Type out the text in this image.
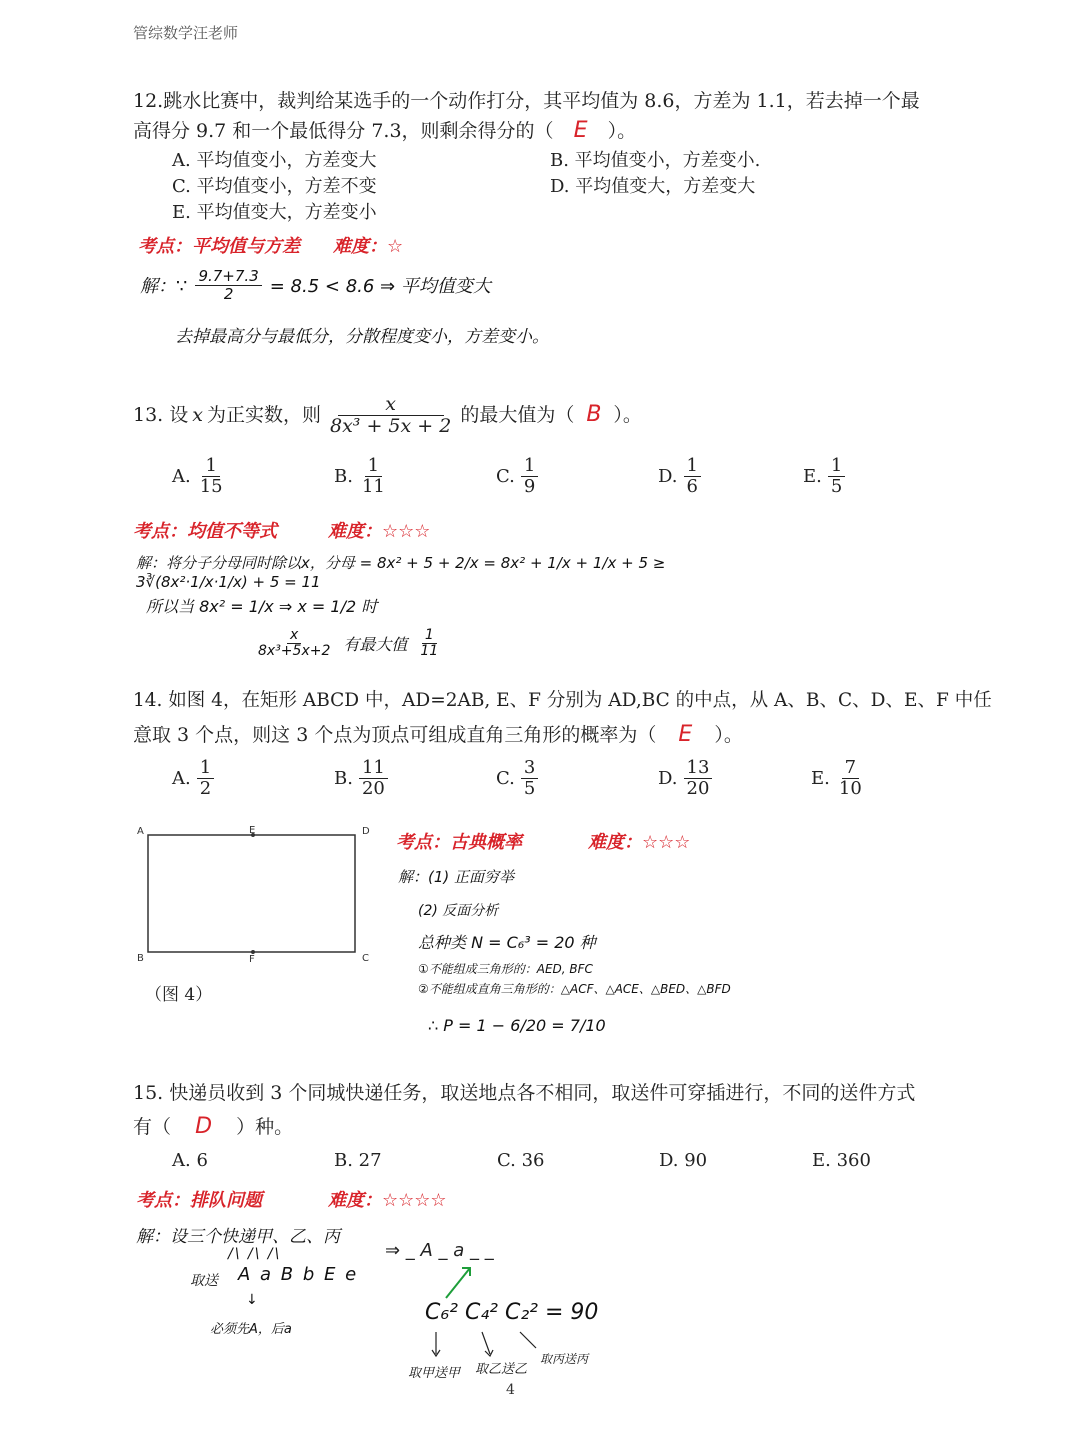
管综数学汪老师
12.跳水比赛中，裁判给某选手的一个动作打分，其平均值为 8.6，方差为 1.1，若去掉一个最
高得分 9.7 和一个最低得分 7.3，则剩余得分的（ E ）。
A. 平均值变小，方差变大	B. 平均值变小，方差变小.
C. 平均值变小，方差不变	D. 平均值变大，方差变大
E. 平均值变大，方差变小
考点：平均值与方差 难度：☆
解：∵ $\frac{9.7+7.3}{2} = 8.5 < 8.6$ ⇒ 平均值变大
去掉最高分与最低分，分散程度变小，方差变小。
13. 设 x 为正实数，则 $\frac{x}{\text{8x³ + 5x + 2}}$ 的最大值为（ B ）。
A. $\frac{1}{15}$	B. $\frac{1}{11}$	C. $\frac{1}{9}$	D. $\frac{1}{6}$	E. $\frac{1}{5}$
考点：均值不等式	难度：☆☆☆
解：将分子分母同时除以x，分母 = 8x² + 5 + 2/x = 8x² + 1/x + 1/x + 5 ≥ 3∛(8x²·1/x·1/x) + 5 = 11
所以当 8x² = 1/x ⇒ x = 1/2 时
$\frac{x}{\text{8x³+5x+2}}$ 有最大值 $\frac{1}{11}$
14. 如图 4，在矩形 ABCD 中，AD=2AB, E、F 分别为 AD,BC 的中点，从 A、B、C、D、E、F 中任
意取 3 个点，则这 3 个点为顶点可组成直角三角形的概率为（ E ）。
A. $\frac{1}{2}$	B. $\frac{11}{20}$	C. $\frac{3}{5}$	D. $\frac{13}{20}$	E. $\frac{7}{10}$
A	E	D
B	F	C
（图 4）
考点：古典概率	难度：☆☆☆
解：(1) 正面穷举
(2) 反面分析
总种类 N = C₆³ = 20 种
①不能组成三角形的：AED, BFC
②不能组成直角三角形的：△ACF、△ACE、△BED、△BFD
∴ P = 1 − 6/20 = 7/10
15. 快递员收到 3 个同城快递任务，取送地点各不相同，取送件可穿插进行，不同的送件方式
有（ D ）种。
A. 6	B. 27	C. 36	D. 90	E. 360
考点：排队问题	难度：☆☆☆☆
解：设三个快递甲、乙、丙
/\ /\ /\
取送 A a B b E e
↓
必须先A，后a
⇒ _ A _ a _ _
C₆² C₄² C₂² = 90
取甲送甲 取乙送乙
取丙送丙
4
